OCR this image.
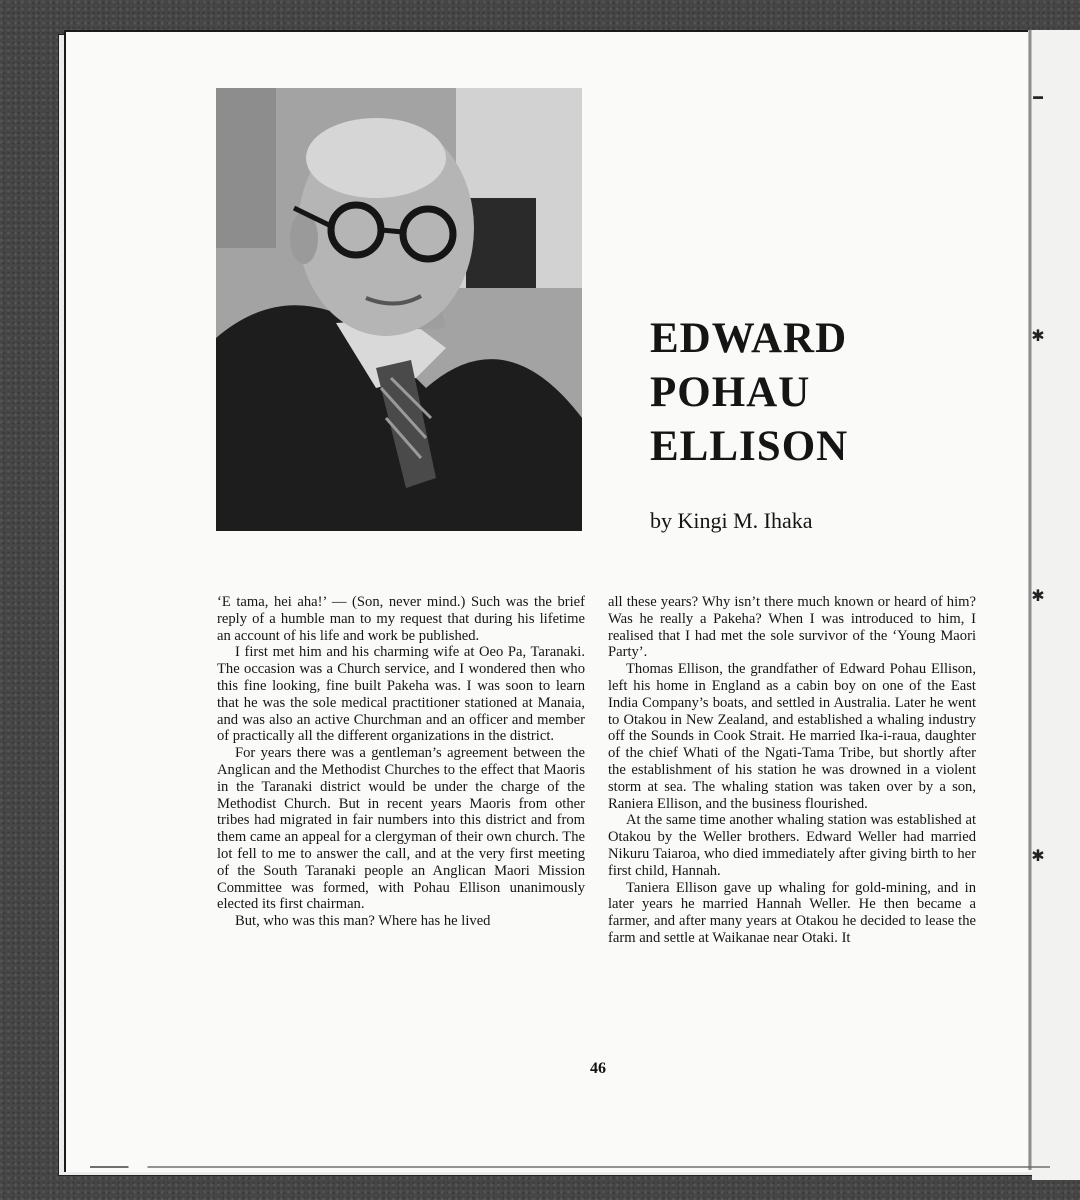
━
✱
✱
✱
EDWARD
POHAU
ELLISON
by Kingi M. Ihaka

‘E tama, hei aha!’ — (Son, never mind.) Such was the brief reply of a humble man to my request that during his lifetime an account of his life and work be published.

I first met him and his charming wife at Oeo Pa, Taranaki. The occasion was a Church service, and I wondered then who this fine looking, fine built Pakeha was. I was soon to learn that he was the sole medical practitioner stationed at Manaia, and was also an active Churchman and an officer and member of practically all the different organizations in the district.

For years there was a gentleman’s agreement between the Anglican and the Methodist Churches to the effect that Maoris in the Taranaki district would be under the charge of the Methodist Church. But in recent years Maoris from other tribes had migrated in fair numbers into this district and from them came an appeal for a clergyman of their own church. The lot fell to me to answer the call, and at the very first meeting of the South Taranaki people an Anglican Maori Mission Committee was formed, with Pohau Ellison unanimously elected its first chairman.

But, who was this man? Where has he lived

all these years? Why isn’t there much known or heard of him? Was he really a Pakeha? When I was introduced to him, I realised that I had met the sole survivor of the ‘Young Maori Party’.

Thomas Ellison, the grandfather of Edward Pohau Ellison, left his home in England as a cabin boy on one of the East India Company’s boats, and settled in Australia. Later he went to Otakou in New Zealand, and established a whaling industry off the Sounds in Cook Strait. He married Ika-i-raua, daughter of the chief Whati of the Ngati-Tama Tribe, but shortly after the establishment of his station he was drowned in a violent storm at sea. The whaling station was taken over by a son, Raniera Ellison, and the business flourished.

At the same time another whaling station was established at Otakou by the Weller brothers. Edward Weller had married Nikuru Taiaroa, who died immediately after giving birth to her first child, Hannah.

Taniera Ellison gave up whaling for gold-mining, and in later years he married Hannah Weller. He then became a farmer, and after many years at Otakou he decided to lease the farm and settle at Waikanae near Otaki. It

46
